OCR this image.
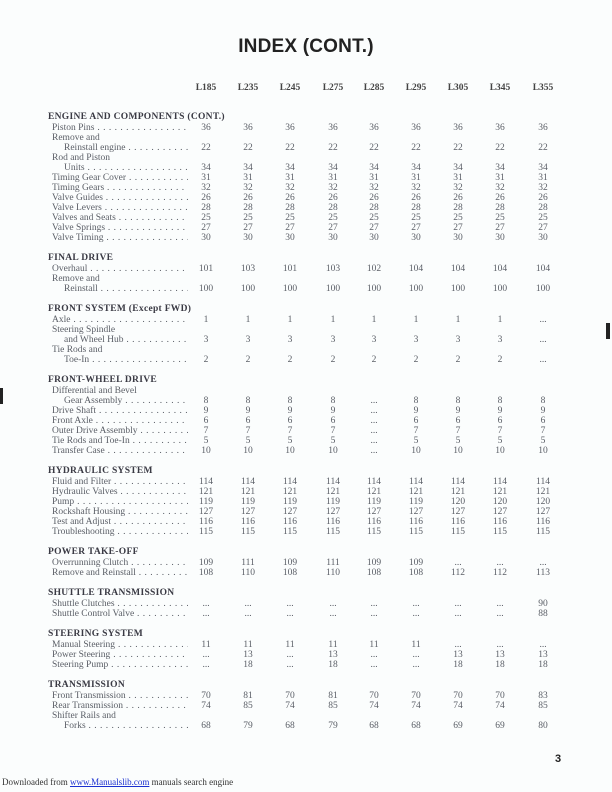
INDEX (CONT.)
L185	L235	L245	L275	L285	L295	L305	L345	L355
ENGINE AND COMPONENTS (CONT.)
Piston Pins . . .	36	36	36	36	36	36	36	36	36
Remove and
Reinstall engine . . .	22	22	22	22	22	22	22	22	22
Rod and Piston
Units . . .	34	34	34	34	34	34	34	34	34
Timing Gear Cover . . .	31	31	31	31	31	31	31	31	31
Timing Gears . . .	32	32	32	32	32	32	32	32	32
Valve Guides . . .	26	26	26	26	26	26	26	26	26
Valve Levers . . .	28	28	28	28	28	28	28	28	28
Valves and Seats . . .	25	25	25	25	25	25	25	25	25
Valve Springs . . .	27	27	27	27	27	27	27	27	27
Valve Timing . . .	30	30	30	30	30	30	30	30	30
FINAL DRIVE
Overhaul . . .	101	103	101	103	102	104	104	104	104
Remove and
Reinstall . . .	100	100	100	100	100	100	100	100	100
FRONT SYSTEM (Except FWD)
Axle . . .	1	1	1	1	1	1	1	1	...
Steering Spindle
and Wheel Hub . . .	3	3	3	3	3	3	3	3	...
Tie Rods and
Toe-In . . .	2	2	2	2	2	2	2	2	...
FRONT-WHEEL DRIVE
Differential and Bevel
Gear Assembly . . .	8	8	8	8	...	8	8	8	8
Drive Shaft . . .	9	9	9	9	...	9	9	9	9
Front Axle . . .	6	6	6	6	...	6	6	6	6
Outer Drive Assembly . . .	7	7	7	7	...	7	7	7	7
Tie Rods and Toe-In . . .	5	5	5	5	...	5	5	5	5
Transfer Case . . .	10	10	10	10	...	10	10	10	10
HYDRAULIC SYSTEM
Fluid and Filter . . .	114	114	114	114	114	114	114	114	114
Hydraulic Valves . . .	121	121	121	121	121	121	121	121	121
Pump . . .	119	119	119	119	119	119	120	120	120
Rockshaft Housing . . .	127	127	127	127	127	127	127	127	127
Test and Adjust . . .	116	116	116	116	116	116	116	116	116
Troubleshooting . . .	115	115	115	115	115	115	115	115	115
POWER TAKE-OFF
Overrunning Clutch . . .	109	111	109	111	109	109	...	...	...
Remove and Reinstall . . .	108	110	108	110	108	108	112	112	113
SHUTTLE TRANSMISSION
Shuttle Clutches . . .	...	...	...	...	...	...	...	...	90
Shuttle Control Valve . . .	...	...	...	...	...	...	...	...	88
STEERING SYSTEM
Manual Steering . . .	11	11	11	11	11	11	...	...	...
Power Steering . . .	...	13	...	13	...	...	13	13	13
Steering Pump . . .	...	18	...	18	...	...	18	18	18
TRANSMISSION
Front Transmission . . .	70	81	70	81	70	70	70	70	83
Rear Transmission . . .	74	85	74	85	74	74	74	74	85
Shifter Rails and
Forks . . .	68	79	68	79	68	68	69	69	80
3
Downloaded from www.Manualslib.com manuals search engine
